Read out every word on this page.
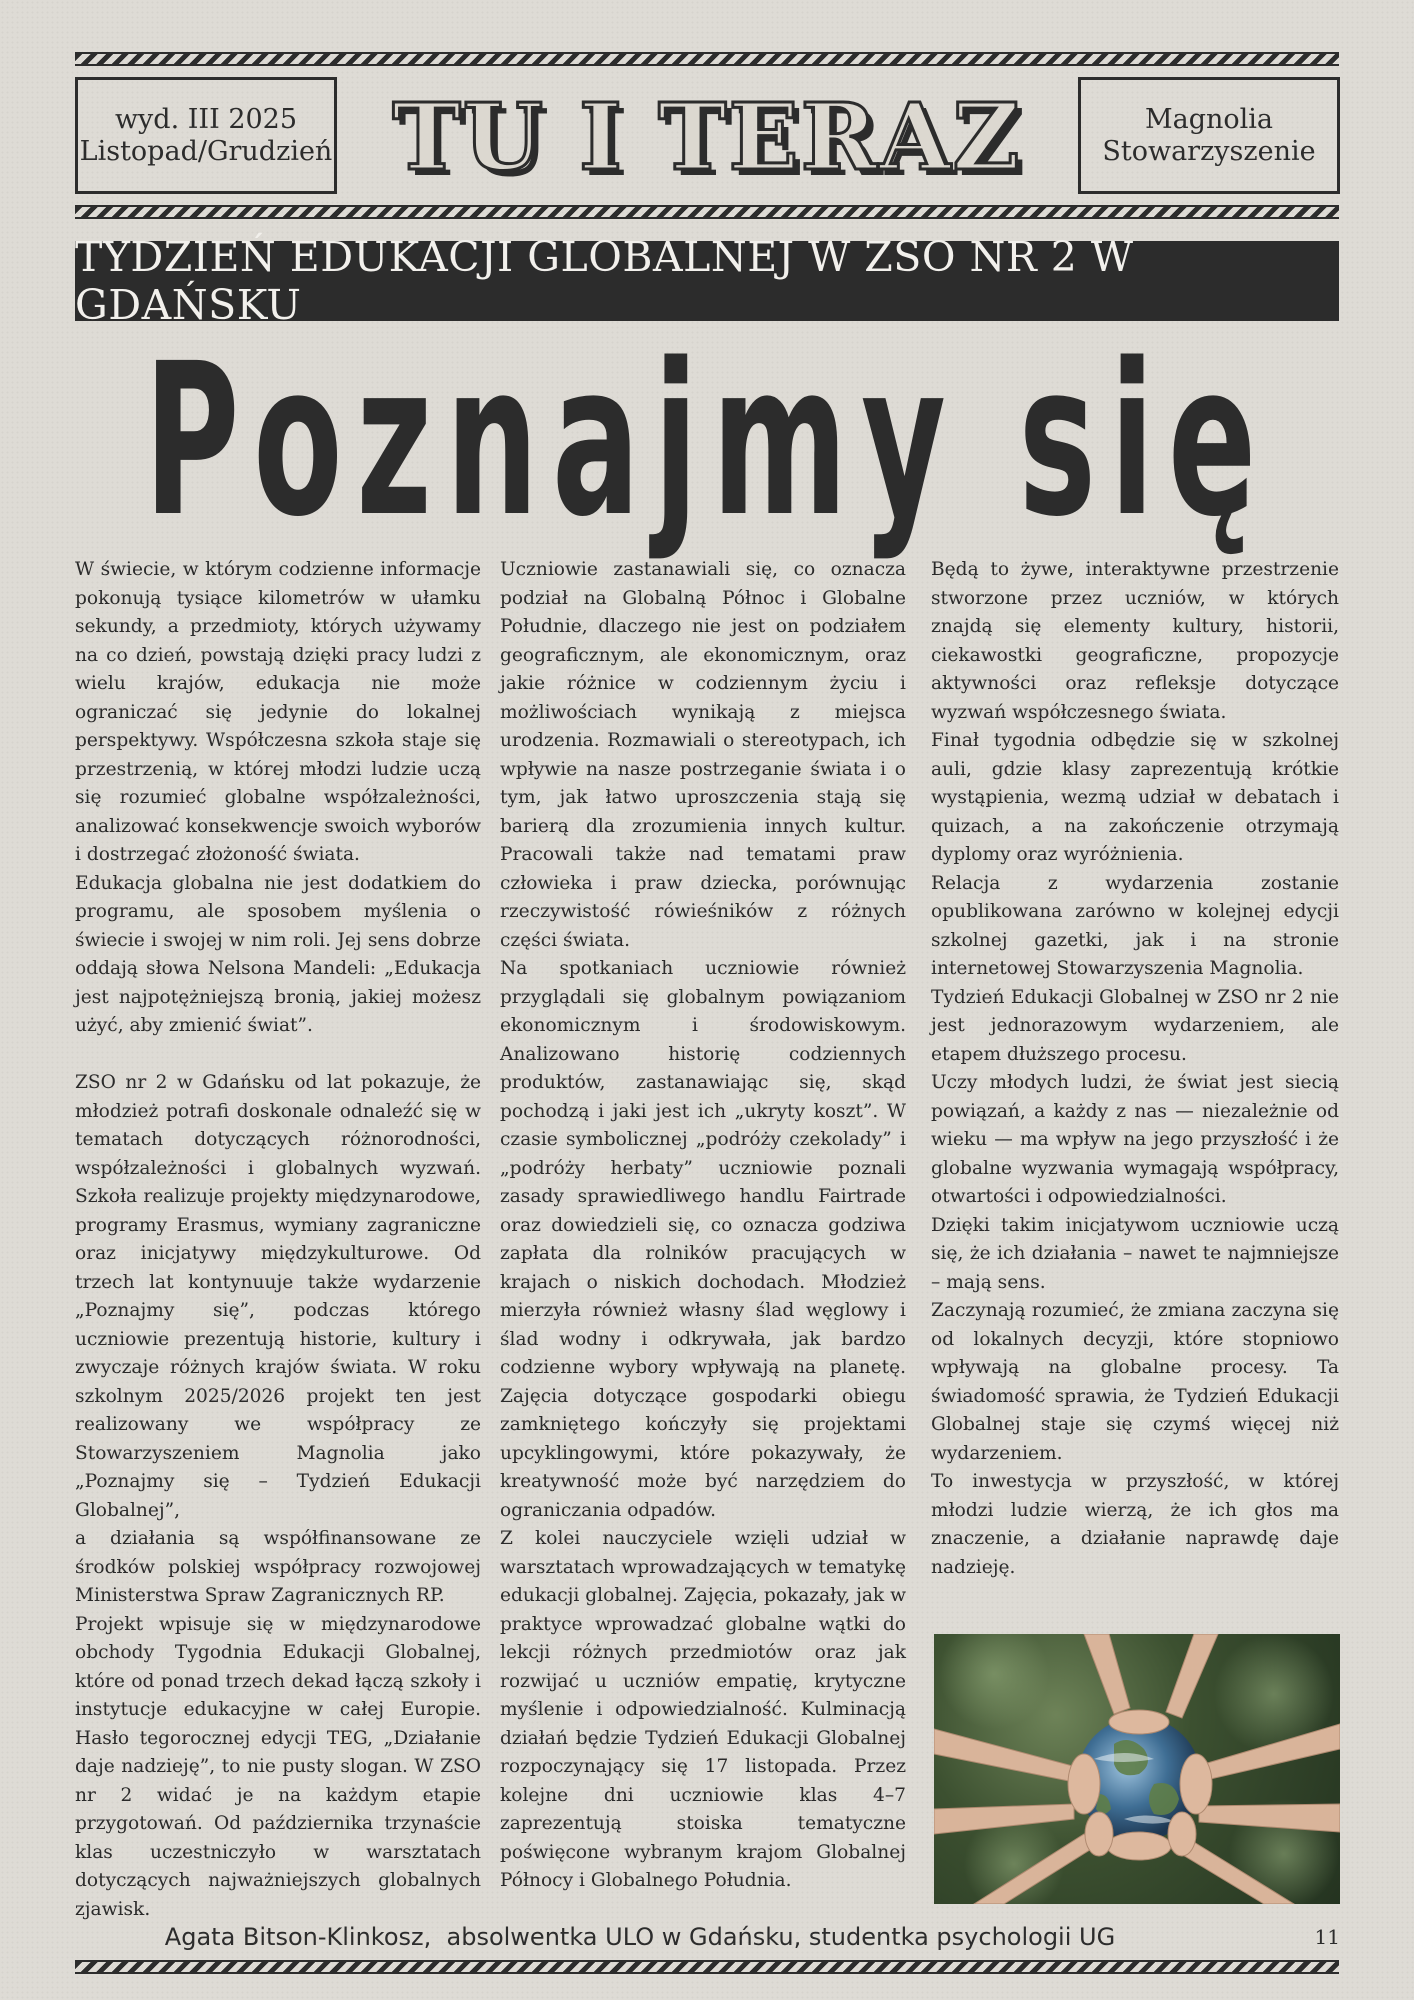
wyd. III 2025
Listopad/Grudzień TU I TERAZ	Magnolia
Stowarzyszenie
TYDZIEŃ EDUKACJI GLOBALNEJ W ZSO NR 2 W GDAŃSKU
Poznajmy się

W świecie, w którym codzienne informacje pokonują tysiące kilometrów w ułamku sekundy, a przedmioty, których używamy na co dzień, powstają dzięki pracy ludzi z wielu krajów, edukacja nie może ograniczać się jedynie do lokalnej perspektywy. Współczesna szkoła staje się przestrzenią, w której młodzi ludzie uczą się rozumieć globalne współzależności, analizować konsekwencje swoich wyborów i dostrzegać złożoność świata.

Edukacja globalna nie jest dodatkiem do programu, ale sposobem myślenia o świecie i swojej w nim roli. Jej sens dobrze oddają słowa Nelsona Mandeli: „Edukacja jest najpotężniejszą bronią, jakiej możesz użyć, aby zmienić świat”.

ZSO nr 2 w Gdańsku od lat pokazuje, że młodzież potrafi doskonale odnaleźć się w tematach dotyczących różnorodności, współzależności i globalnych wyzwań. Szkoła realizuje projekty międzynarodowe, programy Erasmus, wymiany zagraniczne oraz inicjatywy międzykulturowe. Od trzech lat kontynuuje także wydarzenie „Poznajmy się”, podczas którego uczniowie prezentują historie, kultury i zwyczaje różnych krajów świata. W roku szkolnym 2025/2026 projekt ten jest realizowany we współpracy ze Stowarzyszeniem Magnolia jako „Poznajmy się – Tydzień Edukacji Globalnej”,

a działania są współfinansowane ze środków polskiej współpracy rozwojowej Ministerstwa Spraw Zagranicznych RP.

Projekt wpisuje się w międzynarodowe obchody Tygodnia Edukacji Globalnej, które od ponad trzech dekad łączą szkoły i instytucje edukacyjne w całej Europie. Hasło tegorocznej edycji TEG, „Działanie daje nadzieję”, to nie pusty slogan. W ZSO nr 2 widać je na każdym etapie przygotowań. Od października trzynaście klas uczestniczyło w warsztatach dotyczących najważniejszych globalnych zjawisk.

Uczniowie zastanawiali się, co oznacza podział na Globalną Północ i Globalne Południe, dlaczego nie jest on podziałem geograficznym, ale ekonomicznym, oraz jakie różnice w codziennym życiu i możliwościach wynikają z miejsca urodzenia. Rozmawiali o stereotypach, ich wpływie na nasze postrzeganie świata i o tym, jak łatwo uproszczenia stają się barierą dla zrozumienia innych kultur. Pracowali także nad tematami praw człowieka i praw dziecka, porównując rzeczywistość rówieśników z różnych części świata.

Na spotkaniach uczniowie również przyglądali się globalnym powiązaniom ekonomicznym i środowiskowym. Analizowano historię codziennych produktów, zastanawiając się, skąd pochodzą i jaki jest ich „ukryty koszt”. W czasie symbolicznej „podróży czekolady” i „podróży herbaty” uczniowie poznali zasady sprawiedliwego handlu Fairtrade oraz dowiedzieli się, co oznacza godziwa zapłata dla rolników pracujących w krajach o niskich dochodach. Młodzież mierzyła również własny ślad węglowy i ślad wodny i odkrywała, jak bardzo codzienne wybory wpływają na planetę. Zajęcia dotyczące gospodarki obiegu zamkniętego kończyły się projektami upcyklingowymi, które pokazywały, że kreatywność może być narzędziem do ograniczania odpadów.

Z kolei nauczyciele wzięli udział w warsztatach wprowadzających w tematykę edukacji globalnej. Zajęcia, pokazały, jak w praktyce wprowadzać globalne wątki do lekcji różnych przedmiotów oraz jak rozwijać u uczniów empatię, krytyczne myślenie i odpowiedzialność. Kulminacją działań będzie Tydzień Edukacji Globalnej rozpoczynający się 17 listopada. Przez kolejne dni uczniowie klas 4–7 zaprezentują stoiska tematyczne poświęcone wybranym krajom Globalnej Północy i Globalnego Południa.

Będą to żywe, interaktywne przestrzenie stworzone przez uczniów, w których znajdą się elementy kultury, historii, ciekawostki geograficzne, propozycje aktywności oraz refleksje dotyczące wyzwań współczesnego świata.

Finał tygodnia odbędzie się w szkolnej auli, gdzie klasy zaprezentują krótkie wystąpienia, wezmą udział w debatach i quizach, a na zakończenie otrzymają dyplomy oraz wyróżnienia.

Relacja z wydarzenia zostanie opublikowana zarówno w kolejnej edycji szkolnej gazetki, jak i na stronie internetowej Stowarzyszenia Magnolia.

Tydzień Edukacji Globalnej w ZSO nr 2 nie jest jednorazowym wydarzeniem, ale etapem dłuższego procesu.

Uczy młodych ludzi, że świat jest siecią powiązań, a każdy z nas — niezależnie od wieku — ma wpływ na jego przyszłość i że globalne wyzwania wymagają współpracy, otwartości i odpowiedzialności.

Dzięki takim inicjatywom uczniowie uczą się, że ich działania – nawet te najmniejsze – mają sens.

Zaczynają rozumieć, że zmiana zaczyna się od lokalnych decyzji, które stopniowo wpływają na globalne procesy. Ta świadomość sprawia, że Tydzień Edukacji Globalnej staje się czymś więcej niż wydarzeniem.

To inwestycja w przyszłość, w której młodzi ludzie wierzą, że ich głos ma znaczenie, a działanie naprawdę daje nadzieję.

Agata Bitson-Klinkosz,  absolwentka ULO w Gdańsku, studentka psychologii UG	11
